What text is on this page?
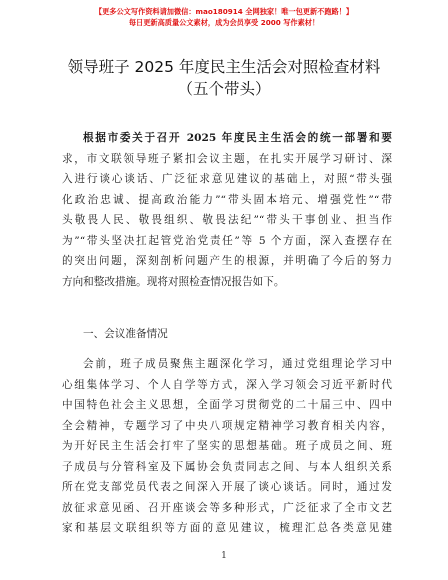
【更多公文写作资料请加微信：mao180914 全网独家！唯一包更新不跑路！】
每日更新高质量公文素材，成为会员享受 2000 写作素材！
领导班子 2025 年度民主生活会对照检查材料
（五个带头）
根据市委关于召开 2025 年度民主生活会的统一部署和要
求，市文联领导班子紧扣会议主题，在扎实开展学习研讨、深
入进行谈心谈话、广泛征求意见建议的基础上，对照“带头强
化政治忠诚、提高政治能力”“带头固本培元、增强党性”“带
头敬畏人民、敬畏组织、敬畏法纪”“带头干事创业、担当作
为”“带头坚决扛起管党治党责任”等 5 个方面，深入查摆存在
的突出问题，深刻剖析问题产生的根源，并明确了今后的努力
方向和整改措施。现将对照检查情况报告如下。
一、会议准备情况
会前，班子成员聚焦主题深化学习，通过党组理论学习中
心组集体学习、个人自学等方式，深入学习领会习近平新时代
中国特色社会主义思想，全面学习贯彻党的二十届三中、四中
全会精神，专题学习了中央八项规定精神学习教育相关内容，
为开好民主生活会打牢了坚实的思想基础。班子成员之间、班
子成员与分管科室及下属协会负责同志之间、与本人组织关系
所在党支部党员代表之间深入开展了谈心谈话。同时，通过发
放征求意见函、召开座谈会等多种形式，广泛征求了全市文艺
家和基层文联组织等方面的意见建议，梳理汇总各类意见建
1
